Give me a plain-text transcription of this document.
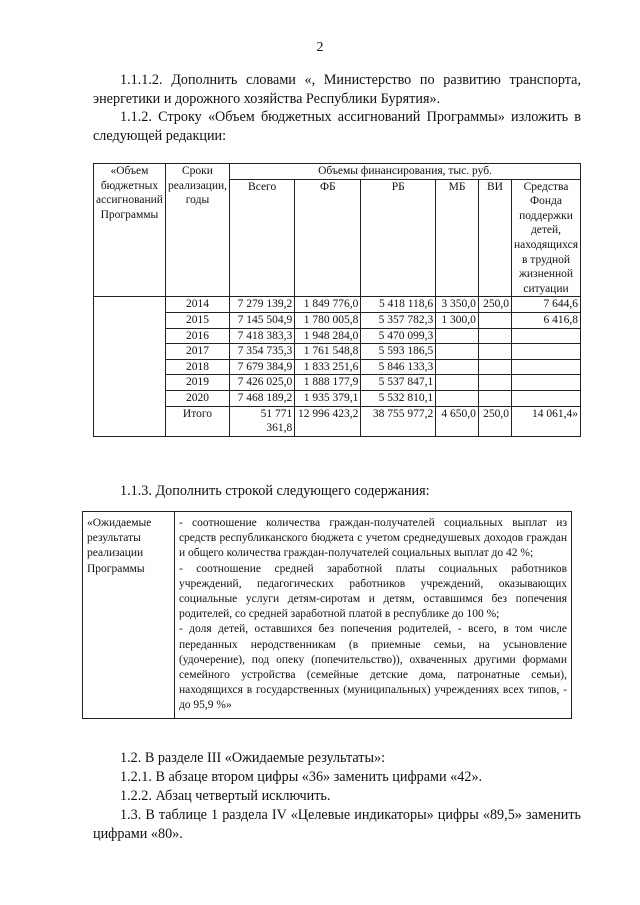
2
1.1.1.2. Дополнить словами «, Министерство по развитию транспорта, энергетики и дорожного хозяйства Республики Бурятия».
1.1.2. Строку «Объем бюджетных ассигнований Программы» изложить в следующей редакции:
«Объем бюджетных ассигнований Программы	Сроки реализации, годы	Объемы финансирования, тыс. руб.					
		Всего	ФБ	РБ	МБ	ВИ	Средства Фонда поддержки детей, находящихся в трудной жизненной ситуации
	2014	7 279 139,2	1 849 776,0	5 418 118,6	3 350,0	250,0	7 644,6
	2015	7 145 504,9	1 780 005,8	5 357 782,3	1 300,0		6 416,8
	2016	7 418 383,3	1 948 284,0	5 470 099,3			
	2017	7 354 735,3	1 761 548,8	5 593 186,5			
	2018	7 679 384,9	1 833 251,6	5 846 133,3			
	2019	7 426 025,0	1 888 177,9	5 537 847,1			
	2020	7 468 189,2	1 935 379,1	5 532 810,1			
	Итого	51 771 361,8	12 996 423,2	38 755 977,2	4 650,0	250,0	14 061,4»
1.1.3. Дополнить строкой следующего содержания:
«Ожидаемые результаты реализации Программы	
- соотношение количества граждан-получателей социальных выплат из средств республиканского бюджета с учетом среднедушевых доходов граждан и общего количества граждан-получателей социальных выплат до 42 %;
- соотношение средней заработной платы социальных работников учреждений, педагогических работников учреждений, оказывающих социальные услуги детям-сиротам и детям, оставшимся без попечения родителей, со средней заработной платой в республике до 100 %;
- доля детей, оставшихся без попечения родителей, - всего, в том числе переданных неродственникам (в приемные семьи, на усыновление (удочерение), под опеку (попечительство)), охваченных другими формами семейного устройства (семейные детские дома, патронатные семьи), находящихся в государственных (муниципальных) учреждениях всех типов, - до 95,9 %»
1.2. В разделе III «Ожидаемые результаты»:
1.2.1. В абзаце втором цифры «36» заменить цифрами «42».
1.2.2. Абзац четвертый исключить.
1.3. В таблице 1 раздела IV «Целевые индикаторы» цифры «89,5» заменить цифрами «80».
